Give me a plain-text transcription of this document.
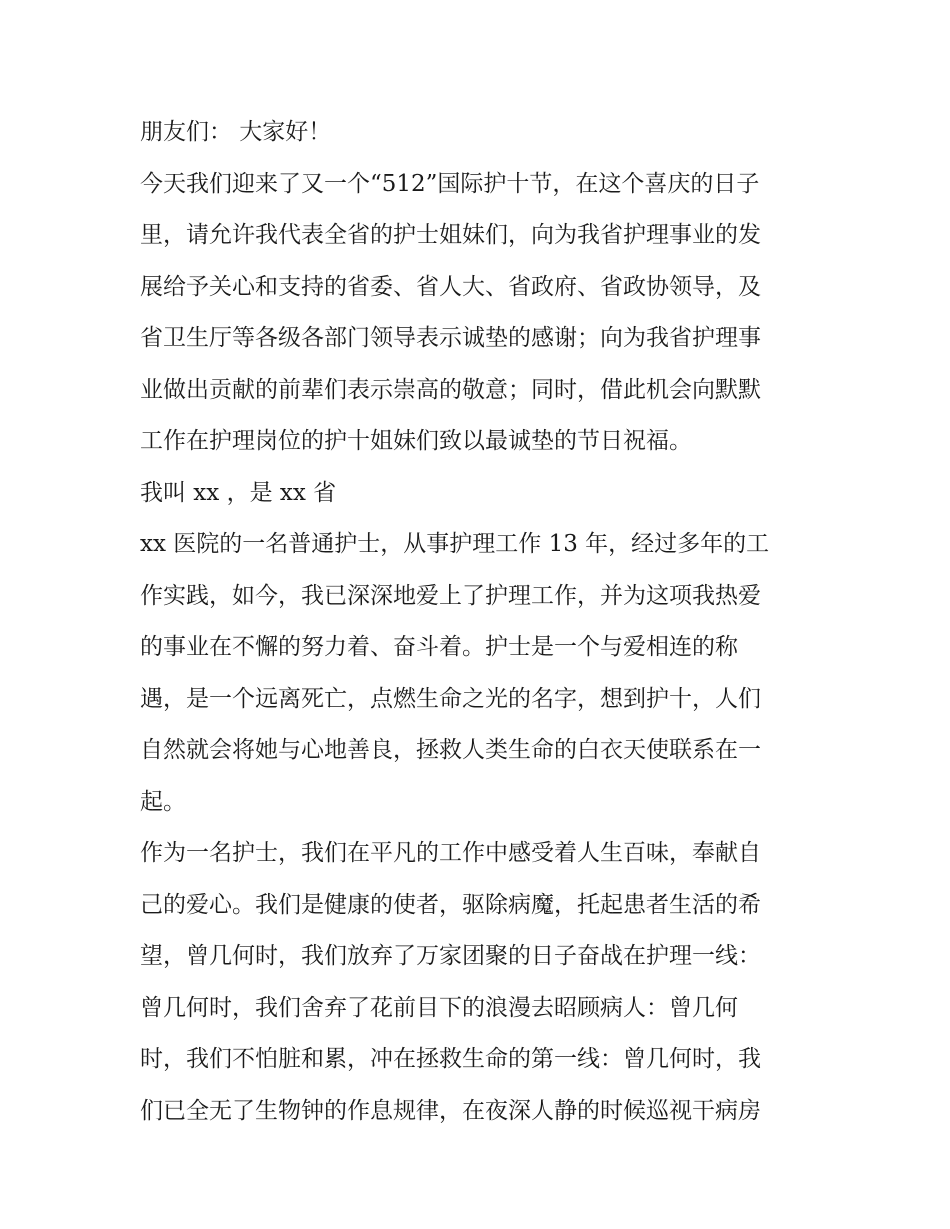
朋友们： 大家好！
今天我们迎来了又一个“512”国际护十节，在这个喜庆的日子
里，请允许我代表全省的护士姐妹们，向为我省护理事业的发
展给予关心和支持的省委、省人大、省政府、省政协领导，及
省卫生厅等各级各部门领导表示诚垫的感谢；向为我省护理事
业做出贡献的前辈们表示崇高的敬意；同时，借此机会向默默
工作在护理岗位的护十姐妹们致以最诚垫的节日祝福。
我叫 xx ，是 xx 省
xx 医院的一名普通护士，从事护理工作 13 年，经过多年的工
作实践，如今，我已深深地爱上了护理工作，并为这项我热爱
的事业在不懈的努力着、奋斗着。护士是一个与爱相连的称
遇，是一个远离死亡，点燃生命之光的名字，想到护十，人们
自然就会将她与心地善良，拯救人类生命的白衣天使联系在一
起。
作为一名护士，我们在平凡的工作中感受着人生百味，奉献自
己的爱心。我们是健康的使者，驱除病魔，托起患者生活的希
望，曾几何时，我们放弃了万家团聚的日子奋战在护理一线：
曾几何时，我们舍弃了花前目下的浪漫去昭顾病人：曾几何
时，我们不怕脏和累，冲在拯救生命的第一线：曾几何时，我
们已全无了生物钟的作息规律，在夜深人静的时候巡视干病房
